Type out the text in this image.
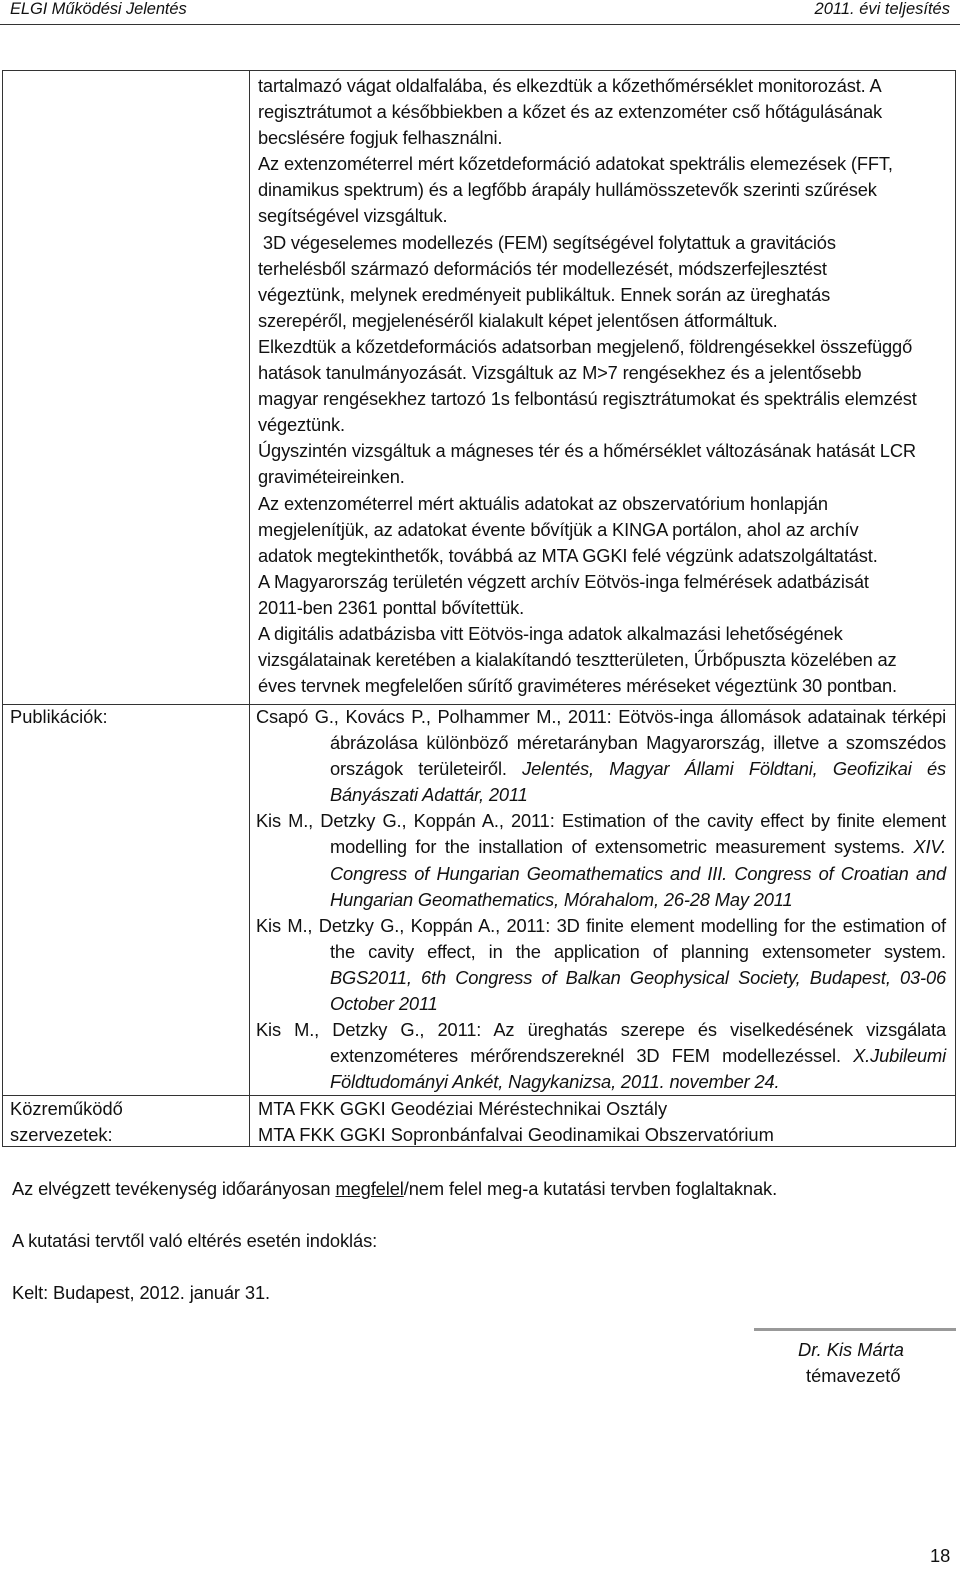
ELGI Működési Jelentés	2011. évi teljesítés

tartalmazó vágat oldalfalába, és elkezdtük a kőzethőmérséklet monitorozást. A

regisztrátumot a későbbiekben a kőzet és az extenzométer cső hőtágulásának

becslésére fogjuk felhasználni.

Az extenzométerrel mért kőzetdeformáció adatokat spektrális elemezések (FFT,

dinamikus spektrum) és a legfőbb árapály hullámösszetevők szerinti szűrések

segítségével vizsgáltuk.

3D végeselemes modellezés (FEM) segítségével folytattuk a gravitációs

terhelésből származó deformációs tér modellezését, módszerfejlesztést

végeztünk, melynek eredményeit publikáltuk. Ennek során az üreghatás

szerepéről, megjelenéséről kialakult képet jelentősen átformáltuk.

Elkezdtük a kőzetdeformációs adatsorban megjelenő, földrengésekkel összefüggő

hatások tanulmányozását. Vizsgáltuk az M>7 rengésekhez és a jelentősebb

magyar rengésekhez tartozó 1s felbontású regisztrátumokat és spektrális elemzést

végeztünk.

Úgyszintén vizsgáltuk a mágneses tér és a hőmérséklet változásának hatását LCR

graviméteireinken.

Az extenzométerrel mért aktuális adatokat az obszervatórium honlapján

megjelenítjük, az adatokat évente bővítjük a KINGA portálon, ahol az archív

adatok megtekinthetők, továbbá az MTA GGKI felé végzünk adatszolgáltatást.

A Magyarország területén végzett archív Eötvös-inga felmérések adatbázisát

2011-ben 2361 ponttal bővítettük.

A digitális adatbázisba vitt Eötvös-inga adatok alkalmazási lehetőségének

vizsgálatainak keretében a kialakítandó tesztterületen, Űrbőpuszta közelében az

éves tervnek megfelelően sűrítő graviméteres méréseket végeztünk 30 pontban.

Publikációk:	Csapó G., Kovács P., Polhammer M., 2011: Eötvös-inga állomások adatainak térképi ábrázolása különböző méretarányban Magyarország, illetve a szomszédos országok területeiről. Jelentés, Magyar Állami Földtani, Geofizikai és Bányászati Adattár, 2011

Kis M., Detzky G., Koppán A., 2011: Estimation of the cavity effect by finite element modelling for the installation of extensometric measurement systems. XIV. Congress of Hungarian Geomathematics and III. Congress of Croatian and Hungarian Geomathematics, Mórahalom, 26-28 May 2011

Kis M., Detzky G., Koppán A., 2011: 3D finite element modelling for the estimation of the cavity effect, in the application of planning extensometer system. BGS2011, 6th Congress of Balkan Geophysical Society, Budapest, 03-06 October 2011

Kis M., Detzky G., 2011: Az üreghatás szerepe és viselkedésének vizsgálata extenzométeres mérőrendszereknél 3D FEM modellezéssel. X.Jubileumi Földtudományi Ankét, Nagykanizsa, 2011. november 24.

Közreműködő
szervezetek:
MTA FKK GGKI Geodéziai Méréstechnikai Osztály
MTA FKK GGKI Sopronbánfalvai Geodinamikai Obszervatórium
Az elvégzett tevékenység időarányosan megfelel/nem felel meg-a kutatási tervben foglaltaknak.
A kutatási tervtől való eltérés esetén indoklás:
Kelt: Budapest, 2012. január 31.
Dr. Kis Márta
témavezető
18
